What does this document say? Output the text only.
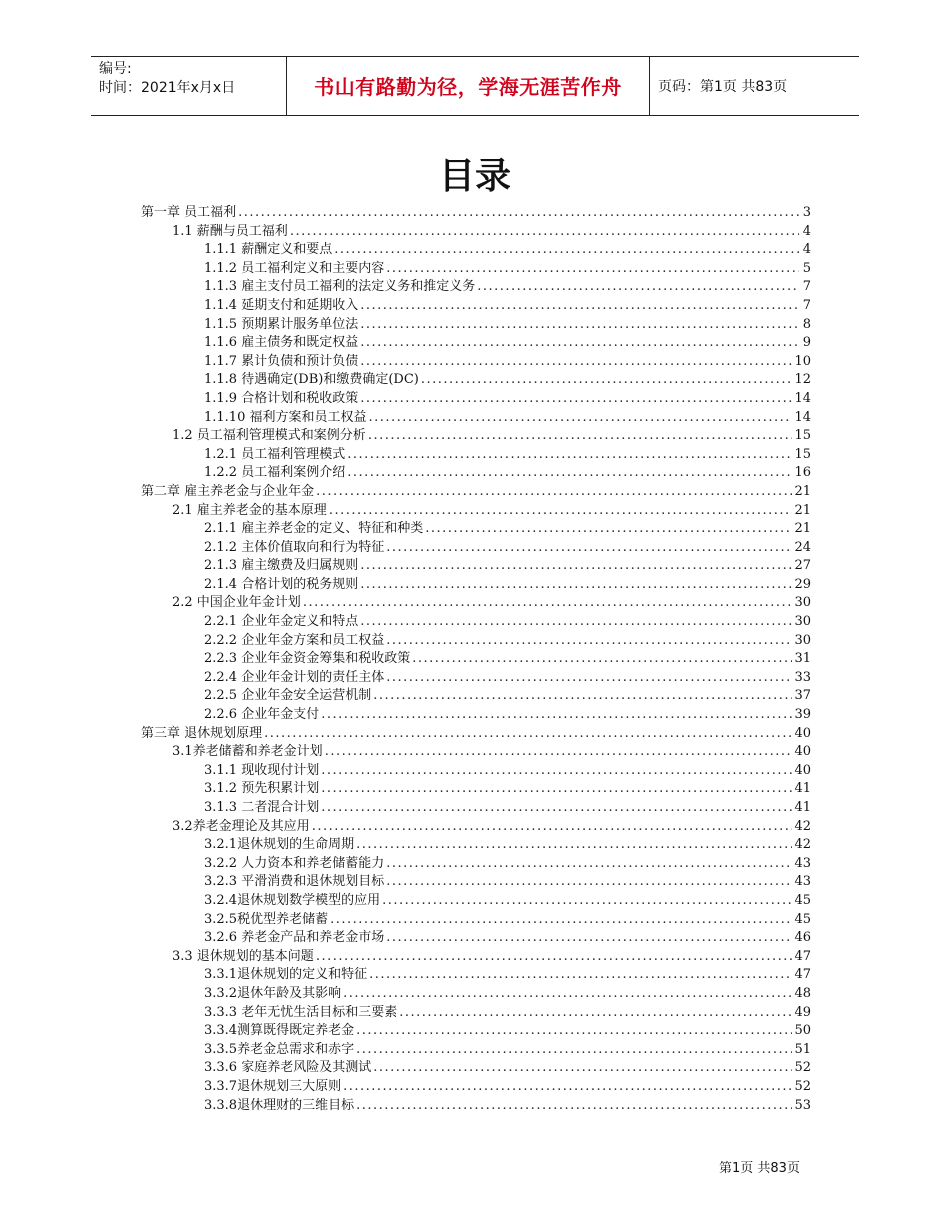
编号:
时间：2021年x月x日	书山有路勤为径，学海无涯苦作舟	页码：第1页 共83页
目录
第一章 员工福利 .....	3
1.1 薪酬与员工福利 .....	4
1.1.1 薪酬定义和要点 .....	4
1.1.2 员工福利定义和主要内容 .....	5
1.1.3 雇主支付员工福利的法定义务和推定义务 .....	7
1.1.4 延期支付和延期收入 .....	7
1.1.5 预期累计服务单位法 .....	8
1.1.6 雇主债务和既定权益 .....	9
1.1.7 累计负债和预计负债 .....	10
1.1.8 待遇确定(DB)和缴费确定(DC) .....	12
1.1.9 合格计划和税收政策 .....	14
1.1.10 福利方案和员工权益 .....	14
1.2 员工福利管理模式和案例分析 .....	15
1.2.1 员工福利管理模式 .....	15
1.2.2 员工福利案例介绍 .....	16
第二章 雇主养老金与企业年金 .....	21
2.1 雇主养老金的基本原理 .....	21
2.1.1 雇主养老金的定义、特征和种类 .....	21
2.1.2 主体价值取向和行为特征 .....	24
2.1.3 雇主缴费及归属规则 .....	27
2.1.4 合格计划的税务规则 .....	29
2.2 中国企业年金计划 .....	30
2.2.1 企业年金定义和特点 .....	30
2.2.2 企业年金方案和员工权益 .....	30
2.2.3 企业年金资金筹集和税收政策 .....	31
2.2.4 企业年金计划的责任主体 .....	33
2.2.5 企业年金安全运营机制 .....	37
2.2.6 企业年金支付 .....	39
第三章 退休规划原理 .....	40
3.1养老储蓄和养老金计划 .....	40
3.1.1 现收现付计划 .....	40
3.1.2 预先积累计划 .....	41
3.1.3 二者混合计划 .....	41
3.2养老金理论及其应用 .....	42
3.2.1退休规划的生命周期 .....	42
3.2.2 人力资本和养老储蓄能力 .....	43
3.2.3 平滑消费和退休规划目标 .....	43
3.2.4退休规划数学模型的应用 .....	45
3.2.5税优型养老储蓄 .....	45
3.2.6 养老金产品和养老金市场 .....	46
3.3 退休规划的基本问题 .....	47
3.3.1退休规划的定义和特征 .....	47
3.3.2退休年龄及其影响 .....	48
3.3.3 老年无忧生活目标和三要素 .....	49
3.3.4测算既得既定养老金 .....	50
3.3.5养老金总需求和赤字 .....	51
3.3.6 家庭养老风险及其测试 .....	52
3.3.7退休规划三大原则 .....	52
3.3.8退休理财的三维目标 .....	53
第1页 共83页
